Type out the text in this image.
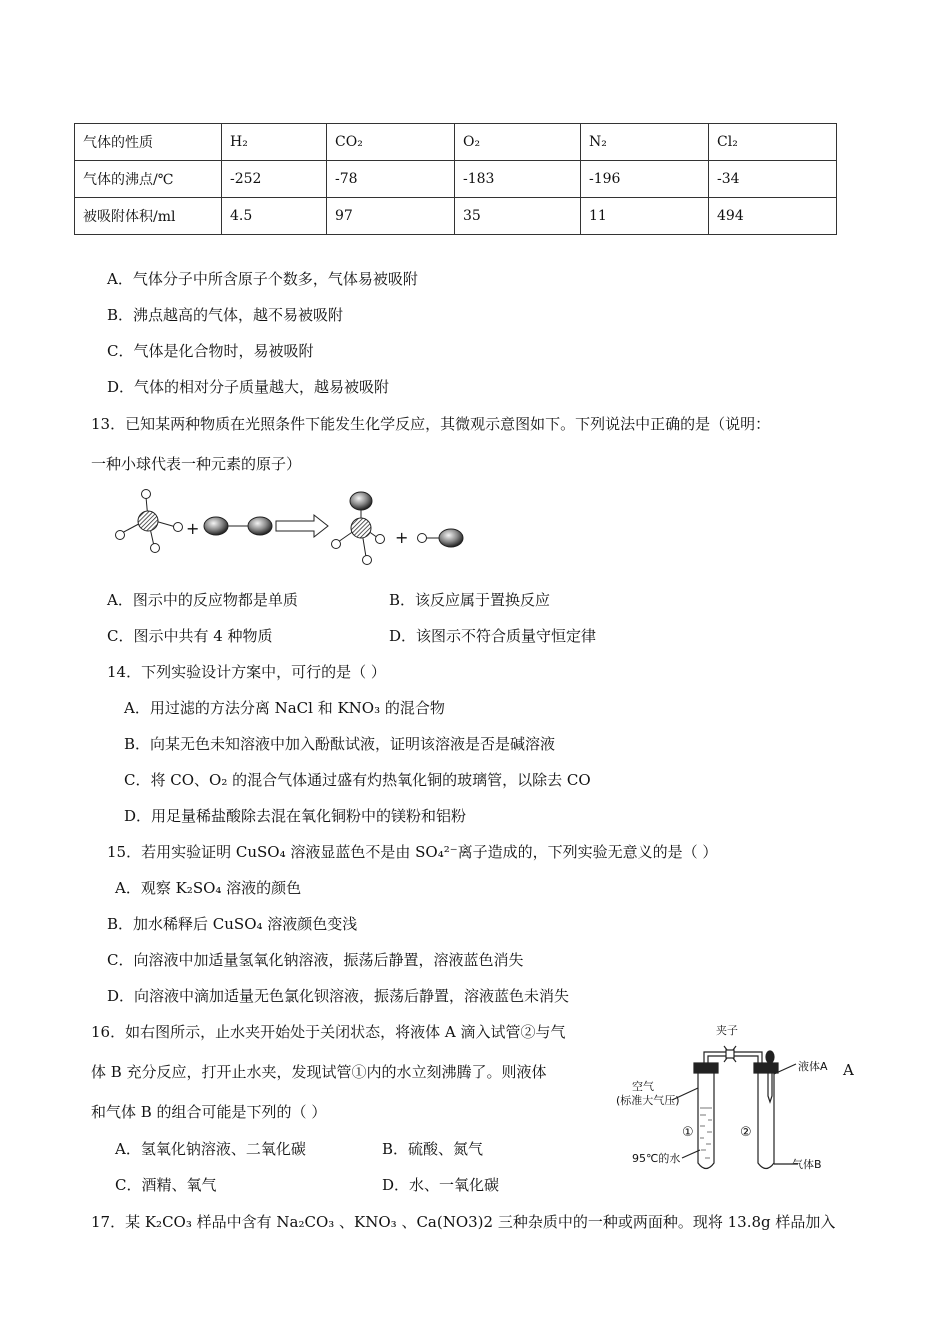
气体的性质	H₂	CO₂	O₂	N₂	Cl₂
气体的沸点/℃	-252	-78	-183	-196	-34
被吸附体积/ml	4.5	97	35	11	494
A．气体分子中所含原子个数多，气体易被吸附
B．沸点越高的气体，越不易被吸附
C．气体是化合物时，易被吸附
D．气体的相对分子质量越大，越易被吸附
13．已知某两种物质在光照条件下能发生化学反应，其微观示意图如下。下列说法中正确的是（说明：
一种小球代表一种元素的原子）
+	+
A．图示中的反应物都是单质	B．该反应属于置换反应
C．图示中共有 4 种物质	D．该图示不符合质量守恒定律
14．下列实验设计方案中，可行的是（ ）
A．用过滤的方法分离 NaCl 和 KNO₃ 的混合物
B．向某无色未知溶液中加入酚酞试液，证明该溶液是否是碱溶液
C．将 CO、O₂ 的混合气体通过盛有灼热氧化铜的玻璃管，以除去 CO
D．用足量稀盐酸除去混在氧化铜粉中的镁粉和铝粉
15．若用实验证明 CuSO₄ 溶液显蓝色不是由 SO₄²⁻离子造成的，下列实验无意义的是（ ）
A．观察 K₂SO₄ 溶液的颜色
B．加水稀释后 CuSO₄ 溶液颜色变浅
C．向溶液中加适量氢氧化钠溶液，振荡后静置，溶液蓝色消失
D．向溶液中滴加适量无色氯化钡溶液，振荡后静置，溶液蓝色未消失
16．如右图所示，止水夹开始处于关闭状态，将液体 A 滴入试管②与气
体 B 充分反应，打开止水夹，发现试管①内的水立刻沸腾了。则液体
和气体 B 的组合可能是下列的（ ）
A
A．氢氧化钠溶液、二氧化碳	B．硫酸、氮气
C．酒精、氧气	D．水、一氧化碳
夹子
液体A
空气
(标准大气压)
①	②
95℃的水	气体B
17．某 K₂CO₃ 样品中含有 Na₂CO₃ 、KNO₃ 、Ca(NO3)2 三种杂质中的一种或两面种。现将 13.8g 样品加入
